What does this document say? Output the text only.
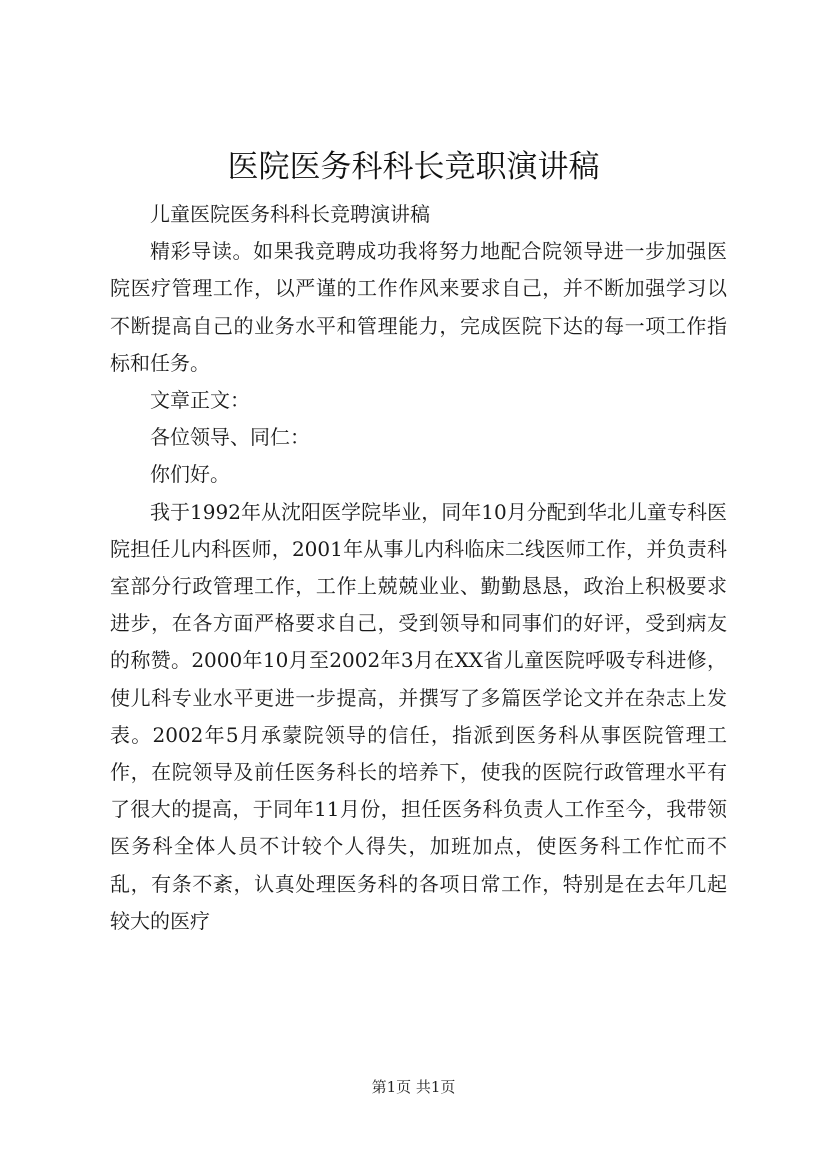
医院医务科科长竞职演讲稿

儿童医院医务科科长竞聘演讲稿

精彩导读。如果我竞聘成功我将努力地配合院领导进一步加强医院医疗管理工作，以严谨的工作作风来要求自己，并不断加强学习以不断提高自己的业务水平和管理能力，完成医院下达的每一项工作指标和任务。

文章正文：

各位领导、同仁：

你们好。

我于1992年从沈阳医学院毕业，同年10月分配到华北儿童专科医院担任儿内科医师，2001年从事儿内科临床二线医师工作，并负责科室部分行政管理工作，工作上兢兢业业、勤勤恳恳，政治上积极要求进步，在各方面严格要求自己，受到领导和同事们的好评，受到病友的称赞。2000年10月至2002年3月在XX省儿童医院呼吸专科进修，使儿科专业水平更进一步提高，并撰写了多篇医学论文并在杂志上发表。2002年5月承蒙院领导的信任，指派到医务科从事医院管理工作，在院领导及前任医务科长的培养下，使我的医院行政管理水平有了很大的提高，于同年11月份，担任医务科负责人工作至今，我带领医务科全体人员不计较个人得失，加班加点，使医务科工作忙而不乱，有条不紊，认真处理医务科的各项日常工作，特别是在去年几起较大的医疗

第1页 共1页
